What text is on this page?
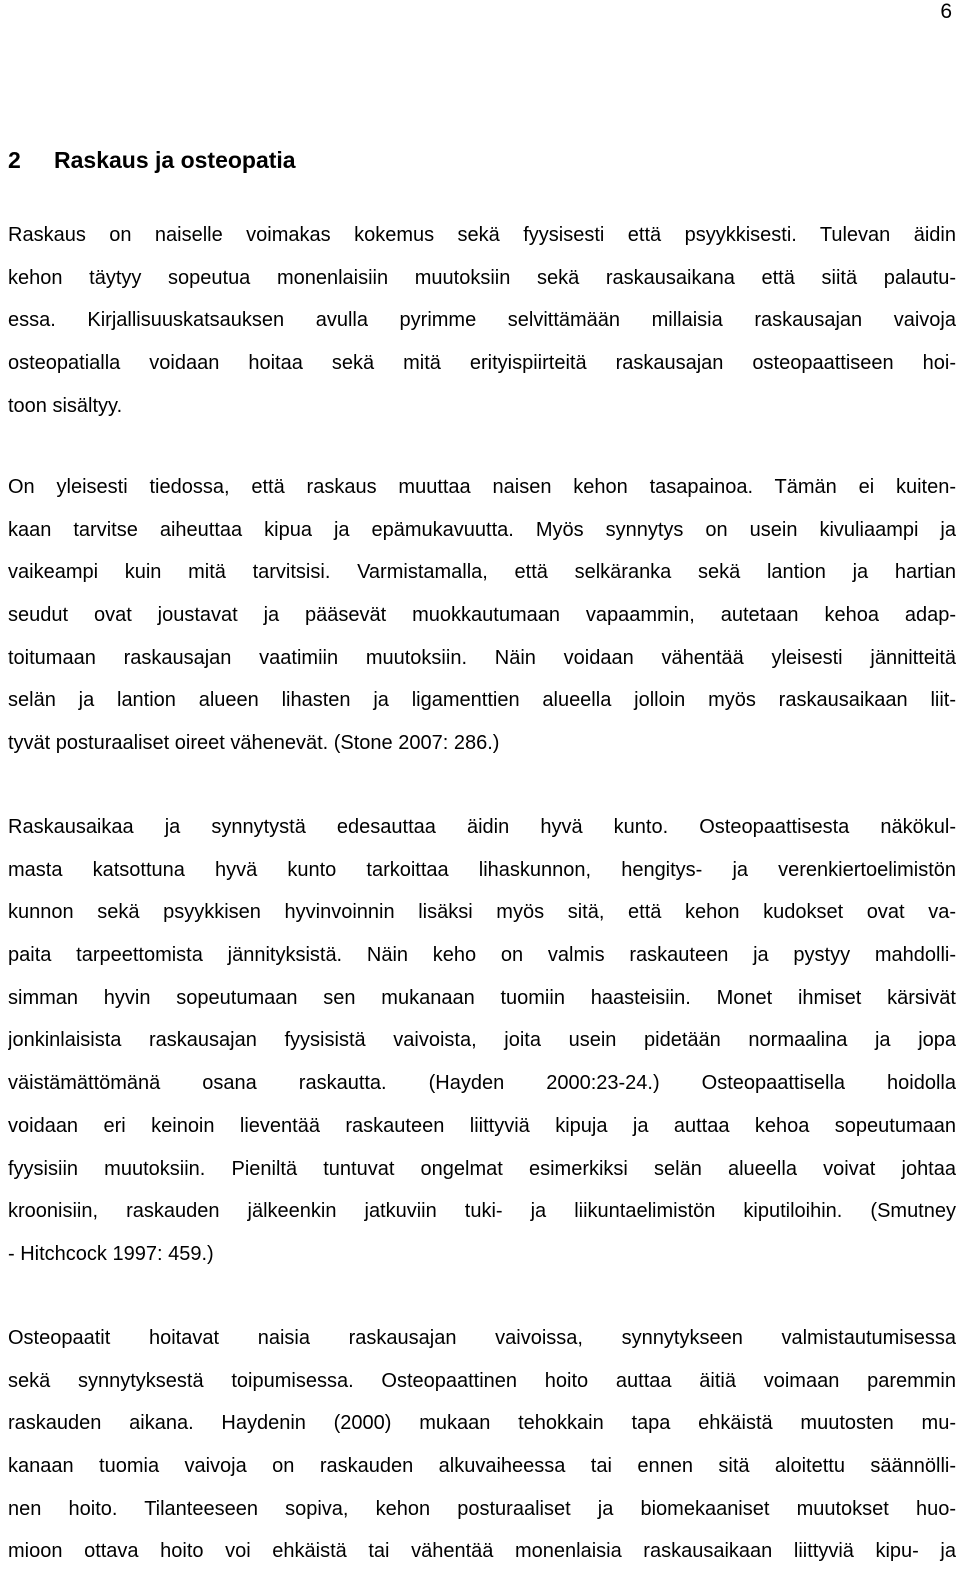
6
2 Raskaus ja osteopatia
Raskaus on naiselle voimakas kokemus sekä fyysisesti että psyykkisesti. Tulevan äidin
kehon täytyy sopeutua monenlaisiin muutoksiin sekä raskausaikana että siitä palautu-
essa. Kirjallisuuskatsauksen avulla pyrimme selvittämään millaisia raskausajan vaivoja
osteopatialla voidaan hoitaa sekä mitä erityispiirteitä raskausajan osteopaattiseen hoi-
toon sisältyy.
On yleisesti tiedossa, että raskaus muuttaa naisen kehon tasapainoa. Tämän ei kuiten-
kaan tarvitse aiheuttaa kipua ja epämukavuutta. Myös synnytys on usein kivuliaampi ja
vaikeampi kuin mitä tarvitsisi. Varmistamalla, että selkäranka sekä lantion ja hartian
seudut ovat joustavat ja pääsevät muokkautumaan vapaammin, autetaan kehoa adap-
toitumaan raskausajan vaatimiin muutoksiin. Näin voidaan vähentää yleisesti jännitteitä
selän ja lantion alueen lihasten ja ligamenttien alueella jolloin myös raskausaikaan liit-
tyvät posturaaliset oireet vähenevät. (Stone 2007: 286.)
Raskausaikaa ja synnytystä edesauttaa äidin hyvä kunto. Osteopaattisesta näkökul-
masta katsottuna hyvä kunto tarkoittaa lihaskunnon, hengitys- ja verenkiertoelimistön
kunnon sekä psyykkisen hyvinvoinnin lisäksi myös sitä, että kehon kudokset ovat va-
paita tarpeettomista jännityksistä. Näin keho on valmis raskauteen ja pystyy mahdolli-
simman hyvin sopeutumaan sen mukanaan tuomiin haasteisiin. Monet ihmiset kärsivät
jonkinlaisista raskausajan fyysisistä vaivoista, joita usein pidetään normaalina ja jopa
väistämättömänä osana raskautta. (Hayden 2000:23-24.) Osteopaattisella hoidolla
voidaan eri keinoin lieventää raskauteen liittyviä kipuja ja auttaa kehoa sopeutumaan
fyysisiin muutoksiin. Pieniltä tuntuvat ongelmat esimerkiksi selän alueella voivat johtaa
kroonisiin, raskauden jälkeenkin jatkuviin tuki- ja liikuntaelimistön kiputiloihin. (Smutney
- Hitchcock 1997: 459.)
Osteopaatit hoitavat naisia raskausajan vaivoissa, synnytykseen valmistautumisessa
sekä synnytyksestä toipumisessa. Osteopaattinen hoito auttaa äitiä voimaan paremmin
raskauden aikana. Haydenin (2000) mukaan tehokkain tapa ehkäistä muutosten mu-
kanaan tuomia vaivoja on raskauden alkuvaiheessa tai ennen sitä aloitettu säännölli-
nen hoito. Tilanteeseen sopiva, kehon posturaaliset ja biomekaaniset muutokset huo-
mioon ottava hoito voi ehkäistä tai vähentää monenlaisia raskausaikaan liittyviä kipu- ja
